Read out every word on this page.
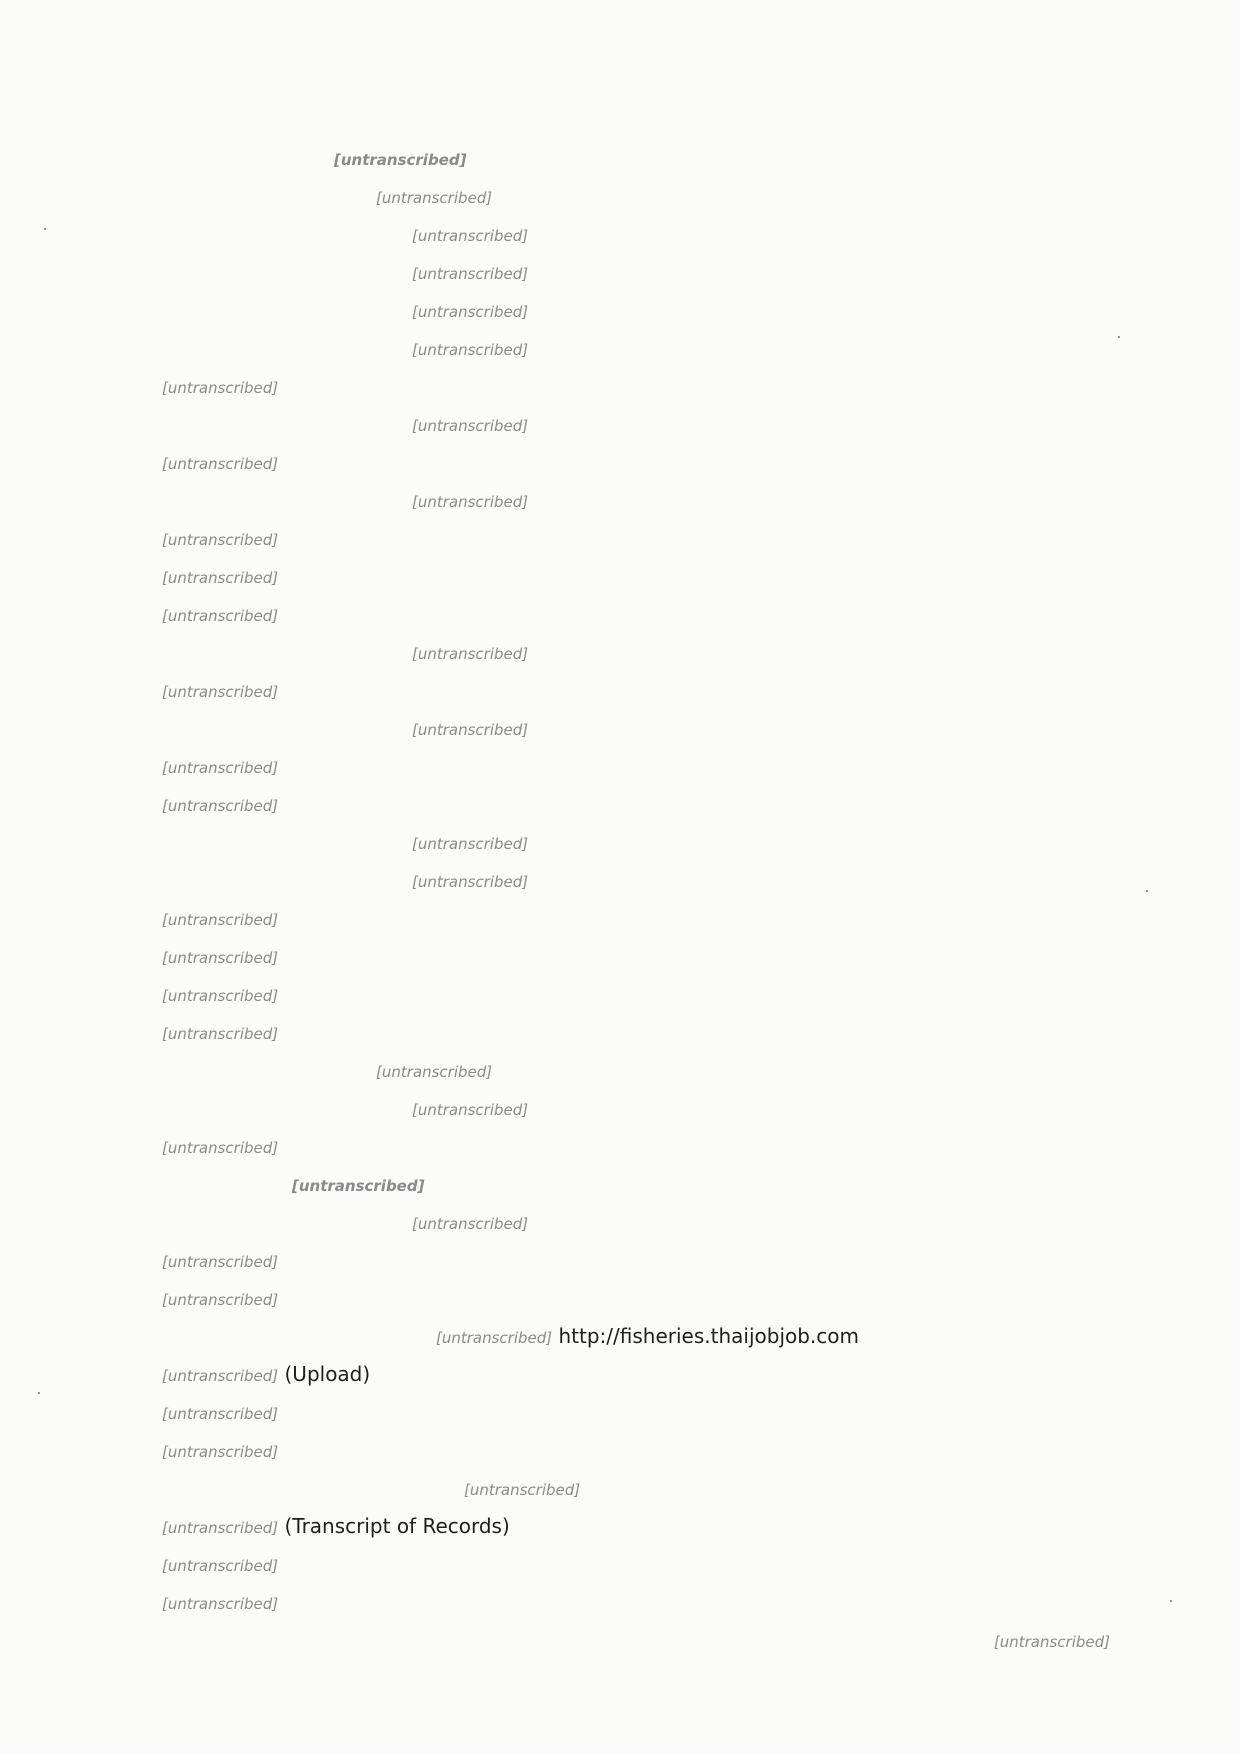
[untranscribed]
[untranscribed]
[untranscribed]
[untranscribed]
[untranscribed]
[untranscribed]
[untranscribed]
[untranscribed]
[untranscribed]
[untranscribed]
[untranscribed]
[untranscribed]
[untranscribed]
[untranscribed]
[untranscribed]
[untranscribed]
[untranscribed]
[untranscribed]
[untranscribed]
[untranscribed]
[untranscribed]
[untranscribed]
[untranscribed]
[untranscribed]
[untranscribed]
[untranscribed]
[untranscribed]
[untranscribed]
[untranscribed]
[untranscribed]
[untranscribed]
[untranscribed] http://fisheries.thaijobjob.com
[untranscribed] (Upload)
[untranscribed]
[untranscribed]
[untranscribed]
[untranscribed] (Transcript of Records)
[untranscribed]
[untranscribed]
[untranscribed]
